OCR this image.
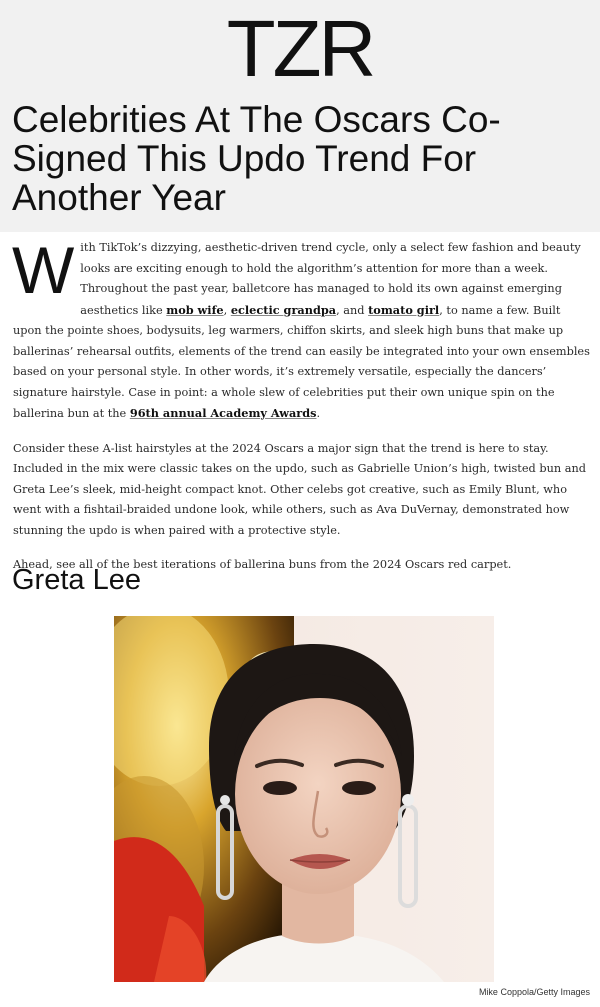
TZR
Celebrities At The Oscars Co-Signed This Updo Trend For Another Year

With TikTok’s dizzying, aesthetic-driven trend cycle, only a select few fashion and beauty looks are exciting enough to hold the algorithm’s attention for more than a week. Throughout the past year, balletcore has managed to hold its own against emerging aesthetics like mob wife, eclectic grandpa, and tomato girl, to name a few. Built upon the pointe shoes, bodysuits, leg warmers, chiffon skirts, and sleek high buns that make up ballerinas’ rehearsal outfits, elements of the trend can easily be integrated into your own ensembles based on your personal style. In other words, it’s extremely versatile, especially the dancers’ signature hairstyle. Case in point: a whole slew of celebrities put their own unique spin on the ballerina bun at the 96th annual Academy Awards.

Consider these A-list hairstyles at the 2024 Oscars a major sign that the trend is here to stay. Included in the mix were classic takes on the updo, such as Gabrielle Union’s high, twisted bun and Greta Lee’s sleek, mid-height compact knot. Other celebs got creative, such as Emily Blunt, who went with a fishtail-braided undone look, while others, such as Ava DuVernay, demonstrated how stunning the updo is when paired with a protective style.

Ahead, see all of the best iterations of ballerina buns from the 2024 Oscars red carpet.

Greta Lee
Mike Coppola/Getty Images
